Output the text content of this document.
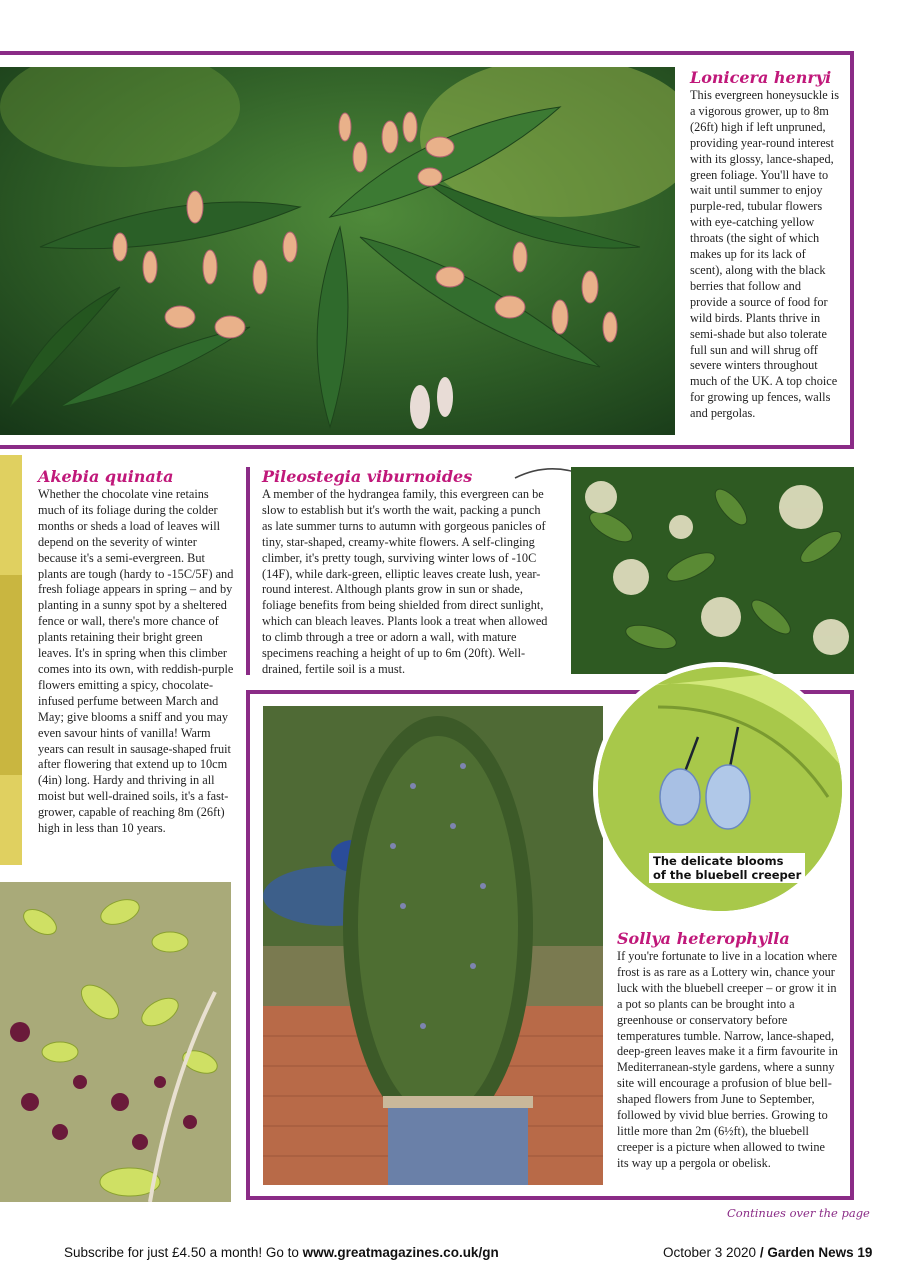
Lonicera henryi
This evergreen honeysuckle is a vigorous grower, up to 8m (26ft) high if left unpruned, providing year-round interest with its glossy, lance-shaped, green foliage. You'll have to wait until summer to enjoy purple-red, tubular flowers with eye-catching yellow throats (the sight of which makes up for its lack of scent), along with the black berries that follow and provide a source of food for wild birds. Plants thrive in semi-shade but also tolerate full sun and will shrug off severe winters throughout much of the UK. A top choice for growing up fences, walls and pergolas.
Akebia quinata
Whether the chocolate vine retains much of its foliage during the colder months or sheds a load of leaves will depend on the severity of winter because it's a semi-evergreen. But plants are tough (hardy to -15C/5F) and fresh foliage appears in spring – and by planting in a sunny spot by a sheltered fence or wall, there's more chance of plants retaining their bright green leaves. It's in spring when this climber comes into its own, with reddish-purple flowers emitting a spicy, chocolate-infused perfume between March and May; give blooms a sniff and you may even savour hints of vanilla! Warm years can result in sausage-shaped fruit after flowering that extend up to 10cm (4in) long. Hardy and thriving in all moist but well-drained soils, it's a fast-grower, capable of reaching 8m (26ft) high in less than 10 years.
Pileostegia viburnoides
A member of the hydrangea family, this evergreen can be slow to establish but it's worth the wait, packing a punch as late summer turns to autumn with gorgeous panicles of tiny, star-shaped, creamy-white flowers. A self-clinging climber, it's pretty tough, surviving winter lows of -10C (14F), while dark-green, elliptic leaves create lush, year-round interest. Although plants grow in sun or shade, foliage benefits from being shielded from direct sunlight, which can bleach leaves. Plants look a treat when allowed to climb through a tree or adorn a wall, with mature specimens reaching a height of up to 6m (20ft). Well-drained, fertile soil is a must.
The delicate blooms
of the bluebell creeper
Sollya heterophylla
If you're fortunate to live in a location where frost is as rare as a Lottery win, chance your luck with the bluebell creeper – or grow it in a pot so plants can be brought into a greenhouse or conservatory before temperatures tumble. Narrow, lance-shaped, deep-green leaves make it a firm favourite in Mediterranean-style gardens, where a sunny site will encourage a profusion of blue bell-shaped flowers from June to September, followed by vivid blue berries. Growing to little more than 2m (6½ft), the bluebell creeper is a picture when allowed to twine its way up a pergola or obelisk.
Continues over the page
Subscribe for just £4.50 a month! Go to www.greatmagazines.co.uk/gn	October 3 2020 / Garden News 19
